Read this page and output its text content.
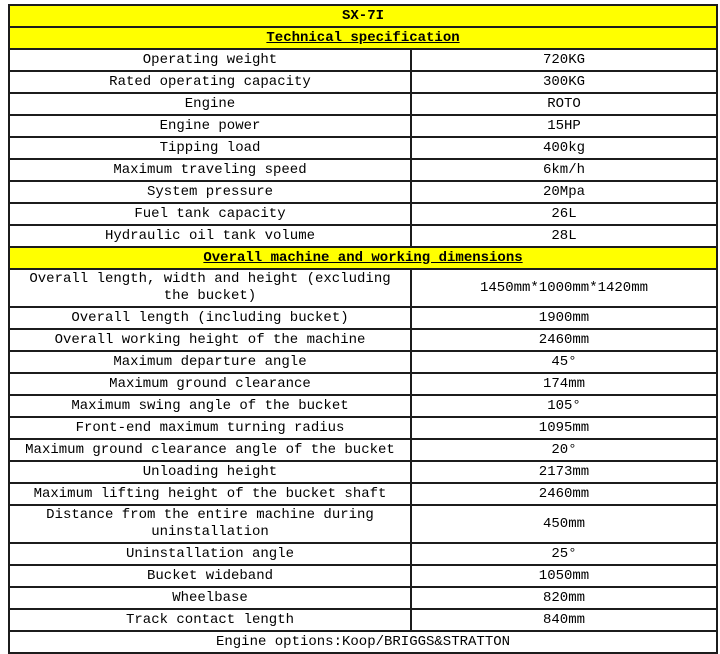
SX-7I	
Technical specification	
Operating weight	720KG
Rated operating capacity	300KG
Engine	ROTO
Engine power	15HP
Tipping load	400kg
Maximum traveling speed	6km/h
System pressure	20Mpa
Fuel tank capacity	26L
Hydraulic oil tank volume	28L
Overall machine and working dimensions	
Overall length, width and height (excluding the bucket)	1450mm*1000mm*1420mm
Overall length (including bucket)	1900mm
Overall working height of the machine	2460mm
Maximum departure angle	45°
Maximum ground clearance	174mm
Maximum swing angle of the bucket	105°
Front-end maximum turning radius	1095mm
Maximum ground clearance angle of the bucket	20°
Unloading height	2173mm
Maximum lifting height of the bucket shaft	2460mm
Distance from the entire machine during uninstallation	450mm
Uninstallation angle	25°
Bucket wideband	1050mm
Wheelbase	820mm
Track contact length	840mm
Engine options:Koop/BRIGGS&STRATTON	
